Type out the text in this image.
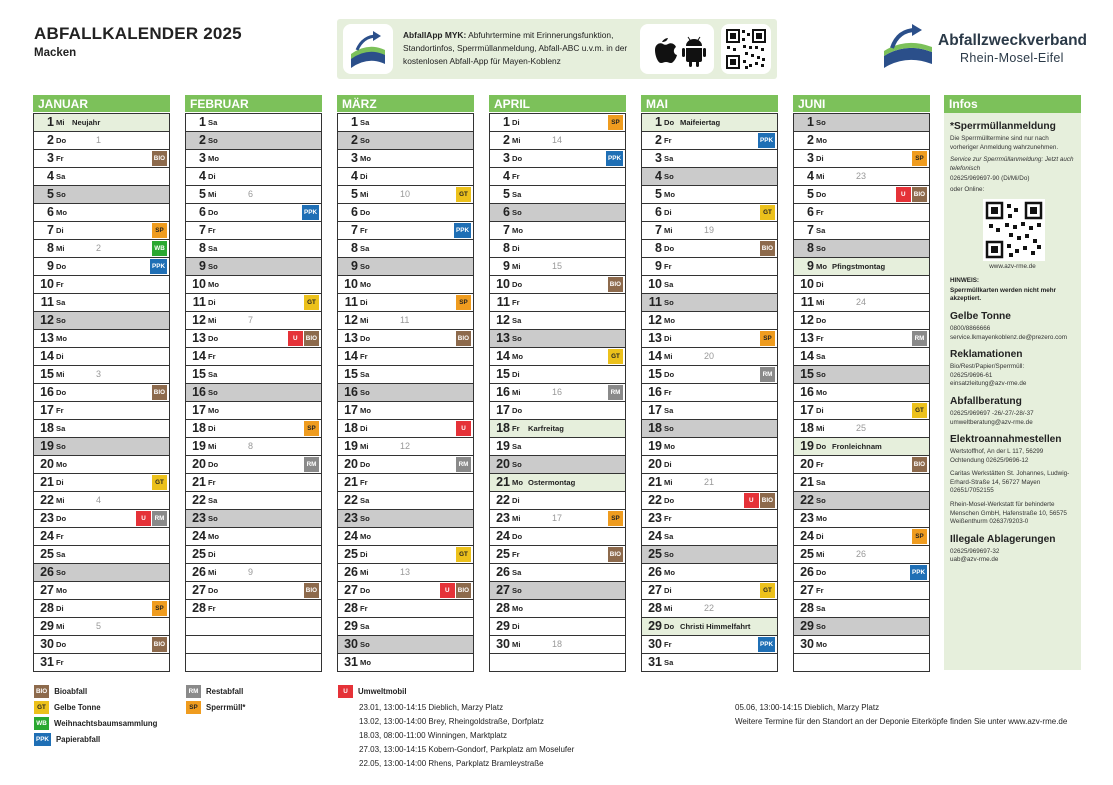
ABFALLKALENDER 2025
Macken
AbfallApp MYK: Abfuhrtermine mit Erinnerungsfunktion, Standortinfos, Sperrmüllanmeldung, Abfall-ABC u.v.m. in der kostenlosen Abfall-App für Mayen-Koblenz
Abfallzweckverband
Rhein-Mosel-Eifel
JANUAR
1 Mi Neujahr
2 Do	1
3 Fr	BIO
4 Sa
5 So
6 Mo
7 Di	SP
8 Mi	2	WB
9 Do	PPK
10 Fr
11 Sa
12 So
13 Mo
14 Di
15 Mi	3
16 Do	BIO
17 Fr
18 Sa
19 So
20 Mo
21 Di	GT
22 Mi	4
23 Do	U	RM
24 Fr
25 Sa
26 So
27 Mo
28 Di	SP
29 Mi	5
30 Do	BIO
31 Fr
FEBRUAR
1 Sa
2 So
3 Mo
4 Di
5 Mi	6
6 Do	PPK
7 Fr
8 Sa
9 So
10 Mo
11 Di	GT
12 Mi	7
13 Do	U	BIO
14 Fr
15 Sa
16 So
17 Mo
18 Di	SP
19 Mi	8
20 Do	RM
21 Fr
22 Sa
23 So
24 Mo
25 Di
26 Mi	9
27 Do	BIO
28 Fr
MÄRZ
1 Sa
2 So
3 Mo
4 Di
5 Mi	10	GT
6 Do
7 Fr	PPK
8 Sa
9 So
10 Mo
11 Di	SP
12 Mi	11
13 Do	BIO
14 Fr
15 Sa
16 So
17 Mo
18 Di	U
19 Mi	12
20 Do	RM
21 Fr
22 Sa
23 So
24 Mo
25 Di	GT
26 Mi	13
27 Do	U	BIO
28 Fr
29 Sa
30 So
31 Mo
APRIL
1 Di	SP
2 Mi	14
3 Do	PPK
4 Fr
5 Sa
6 So
7 Mo
8 Di
9 Mi	15
10 Do	BIO
11 Fr
12 Sa
13 So
14 Mo	GT
15 Di
16 Mi	16	RM
17 Do
18 Fr Karfreitag
19 Sa
20 So
21 Mo Ostermontag
22 Di
23 Mi	17	SP
24 Do
25 Fr	BIO
26 Sa
27 So
28 Mo
29 Di
30 Mi	18
MAI
1 Do Maifeiertag
2 Fr	PPK
3 Sa
4 So
5 Mo
6 Di	GT
7 Mi	19
8 Do	BIO
9 Fr
10 Sa
11 So
12 Mo
13 Di	SP
14 Mi	20
15 Do	RM
16 Fr
17 Sa
18 So
19 Mo
20 Di
21 Mi	21
22 Do	U	BIO
23 Fr
24 Sa
25 So
26 Mo
27 Di	GT
28 Mi	22
29 Do Christi Himmelfahrt
30 Fr	PPK
31 Sa
JUNI
1 So
2 Mo
3 Di	SP
4 Mi	23
5 Do	U	BIO
6 Fr
7 Sa
8 So
9 Mo Pfingstmontag
10 Di
11 Mi	24
12 Do
13 Fr	RM
14 Sa
15 So
16 Mo
17 Di	GT
18 Mi	25
19 Do Fronleichnam
20 Fr	BIO
21 Sa
22 So
23 Mo
24 Di	SP
25 Mi	26
26 Do	PPK
27 Fr
28 Sa
29 So
30 Mo
Infos
*Sperrmüllanmeldung
Die Sperrmülltermine sind nur nach vorheriger Anmeldung wahrzunehmen.
Service zur Sperrmüllanmeldung: Jetzt auch telefonisch
02625/969697-90 (Di/Mi/Do)
oder Online:
www.azv-rme.de
HINWEIS:
Sperrmüllkarten werden nicht mehr akzeptiert.
Gelbe Tonne
0800/8866666
service.lkmayenkoblenz.de@prezero.com
Reklamationen
Bio/Rest/Papier/Sperrmüll:
02625/9696-61
einsatzleitung@azv-rme.de
Abfallberatung
02625/969697 -26/-27/-28/-37
umweltberatung@azv-rme.de
Elektroannahmestellen
Wertstoffhof, An der L 117, 56299 Ochtendung 02625/9696-12
Caritas Werkstätten St. Johannes, Ludwig-Erhard-Straße 14, 56727 Mayen 02651/7052155
Rhein-Mosel-Werkstatt für behinderte Menschen GmbH, Hafenstraße 10, 56575 Weißenthurm 02637/9203-0
Illegale Ablagerungen
02625/969697-32
uab@azv-rme.de
BIO Bioabfall
GT	Gelbe Tonne
WB Weihnachtsbaumsammlung
PPK Papierabfall
RM Restabfall
SP	Sperrmüll*
U	Umweltmobil
23.01, 13:00-14:15 Dieblich, Marzy Platz
13.02, 13:00-14:00 Brey, Rheingoldstraße, Dorfplatz
18.03, 08:00-11:00 Winningen, Marktplatz
27.03, 13:00-14:15 Kobern-Gondorf, Parkplatz am Moselufer
22.05, 13:00-14:00 Rhens, Parkplatz Bramleystraße
05.06, 13:00-14:15 Dieblich, Marzy Platz
Weitere Termine für den Standort an der Deponie Eiterköpfe finden Sie unter www.azv-rme.de
